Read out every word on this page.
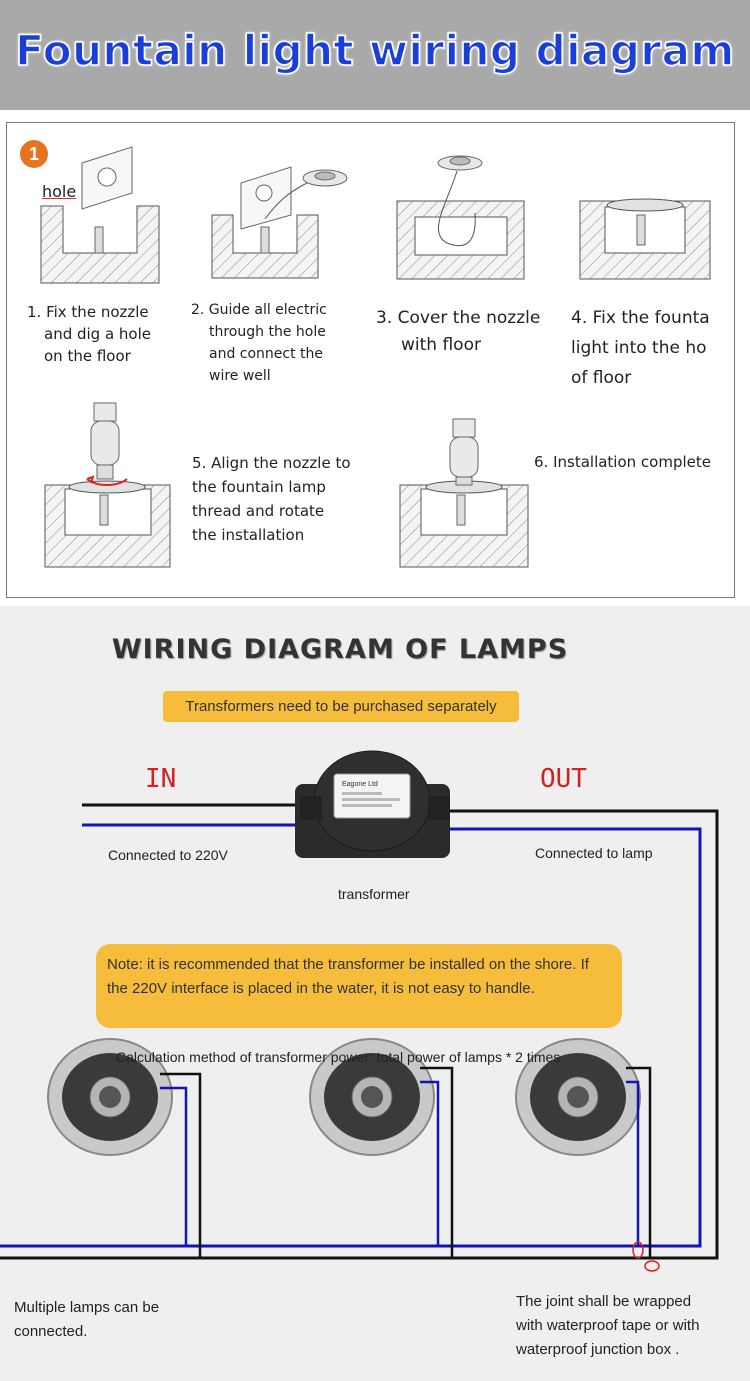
Fountain light wiring diagram
1
hole
1. Fix the nozzle
and dig a hole
on the floor
2. Guide all electric
through the hole
and connect the
wire well
3. Cover the nozzle
with floor
4. Fix the founta
light into the ho
of floor
5. Align the nozzle to
the fountain lamp
thread and rotate
the installation
6. Installation complete
WIRING DIAGRAM OF LAMPS
Transformers need to be purchased separately
IN	OUT
Eagone Ltd
Connected to 220V	Connected to lamp
transformer
Note: it is recommended that the transformer be installed on the shore. If the 220V interface is placed in the water, it is not easy to handle.
Calculation method of transformer power: total power of lamps * 2 times
Multiple lamps can be
connected.
The joint shall be wrapped
with waterproof tape or with
waterproof junction box .
